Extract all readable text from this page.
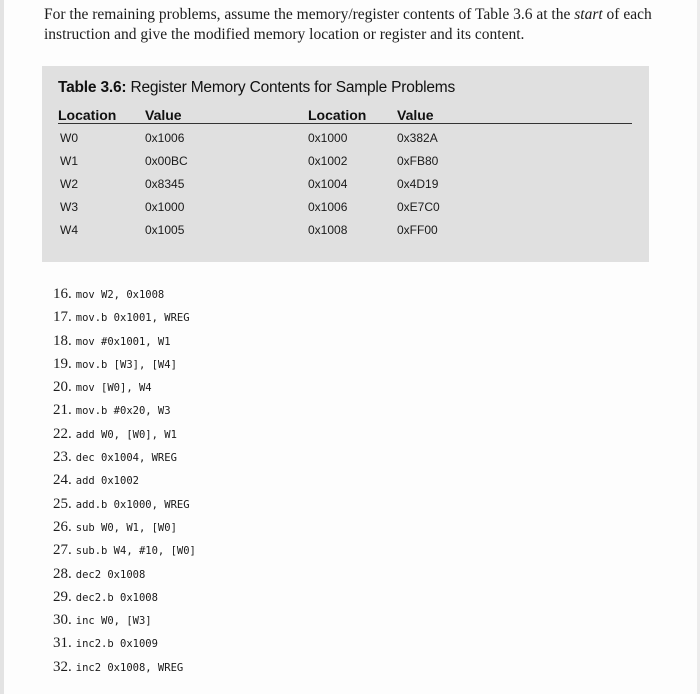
For the remaining problems, assume the memory/register contents of Table 3.6 at the start of each instruction and give the modified memory location or register and its content.

Table 3.6: Register Memory Contents for Sample Problems

Location Value	Location Value

W0	0x1006	0x1000	0x382A

W1	0x00BC	0x1002	0xFB80

W2	0x8345	0x1004	0x4D19

W3	0x1000	0x1006	0xE7C0

W4	0x1005	0x1008	0xFF00

16. mov W2, 0x1008
17. mov.b 0x1001, WREG
18. mov #0x1001, W1
19. mov.b [W3], [W4]
20. mov [W0], W4
21. mov.b #0x20, W3
22. add W0, [W0], W1
23. dec 0x1004, WREG
24. add 0x1002
25. add.b 0x1000, WREG
26. sub W0, W1, [W0]
27. sub.b W4, #10, [W0]
28. dec2 0x1008
29. dec2.b 0x1008
30. inc W0, [W3]
31. inc2.b 0x1009
32. inc2 0x1008, WREG
